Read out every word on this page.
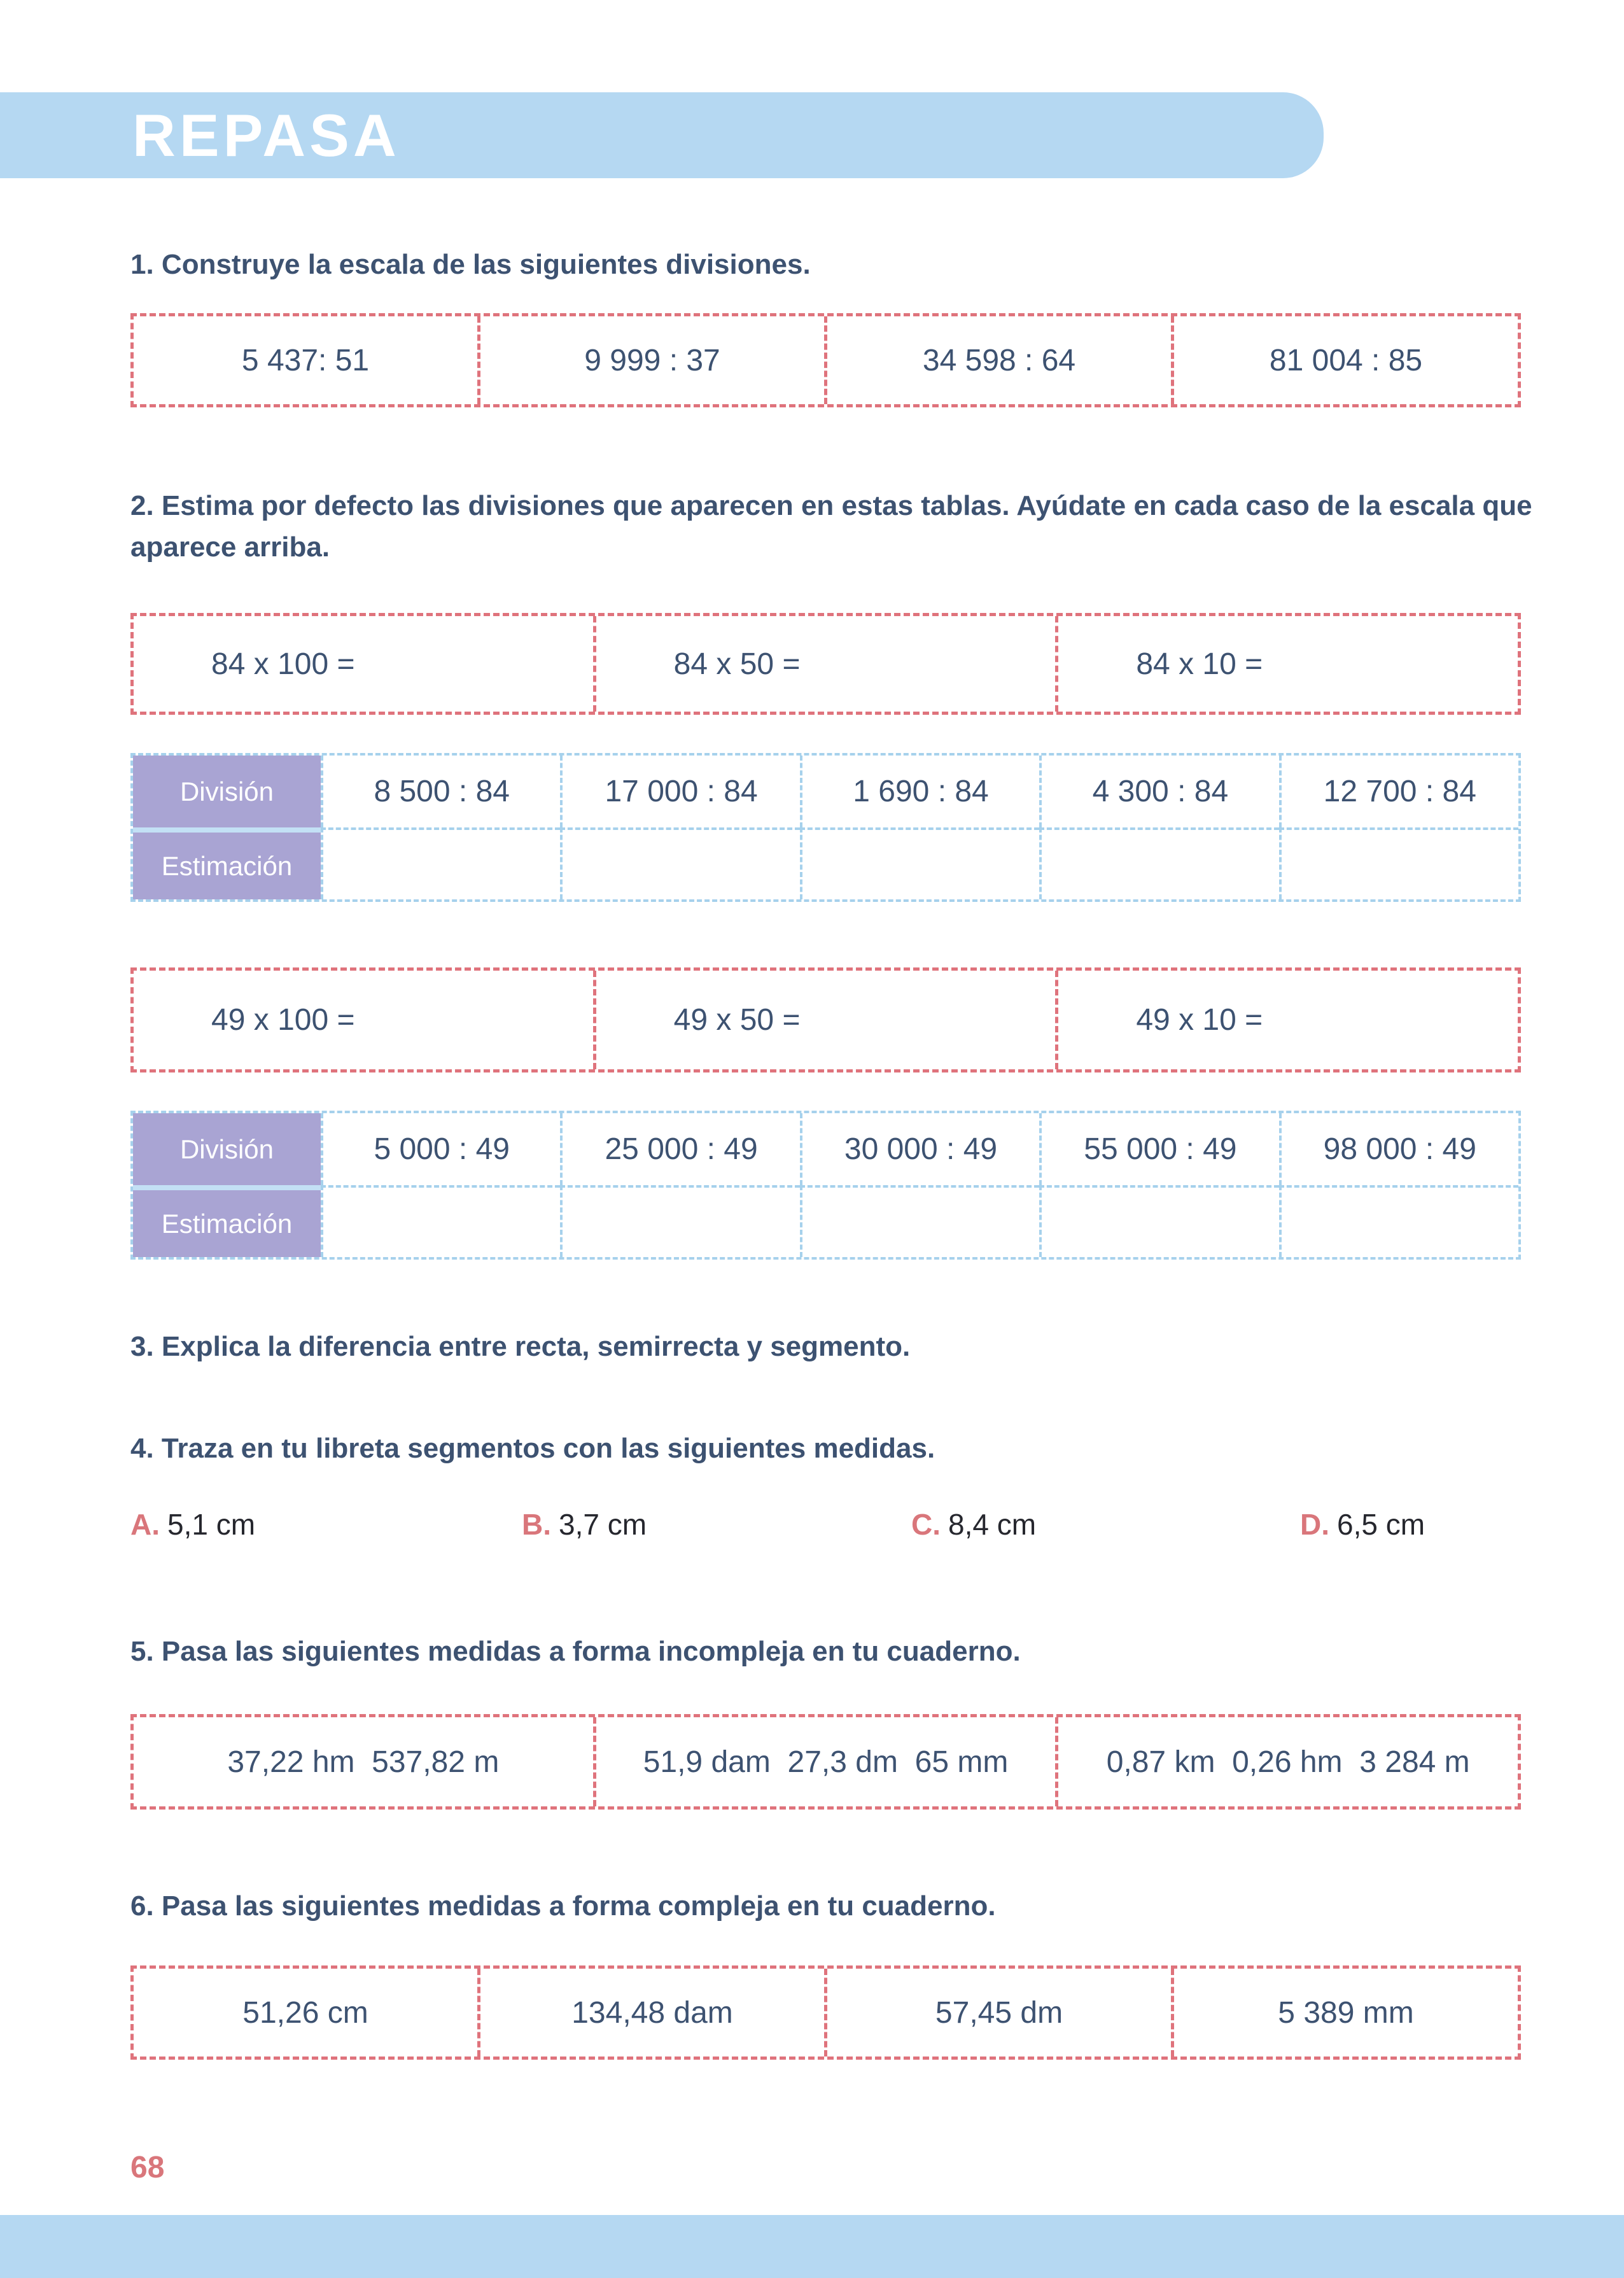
REPASA
1. Construye la escala de las siguientes divisiones.
5 437: 51	9 999 : 37	34 598 : 64	81 004 : 85
2. Estima por defecto las divisiones que aparecen en estas tablas. Ayúdate en cada caso de la escala que aparece arriba.
84 x 100 =	84 x 50 =	84 x 10 =
División	8 500 : 84	17 000 : 84	1 690 : 84	4 300 : 84	12 700 : 84
Estimación
49 x 100 =	49 x 50 =	49 x 10 =
División	5 000 : 49	25 000 : 49	30 000 : 49	55 000 : 49	98 000 : 49
Estimación
3. Explica la diferencia entre recta, semirrecta y segmento.
4. Traza en tu libreta segmentos con las siguientes medidas.
A. 5,1 cm	B. 3,7 cm	C. 8,4 cm	D. 6,5 cm
5. Pasa las siguientes medidas a forma incompleja en tu cuaderno.
37,22 hm  537,82 m	51,9 dam  27,3 dm  65 mm	0,87 km  0,26 hm  3 284 m
6. Pasa las siguientes medidas a forma compleja en tu cuaderno.
51,26 cm	134,48 dam	57,45 dm	5 389 mm
68
